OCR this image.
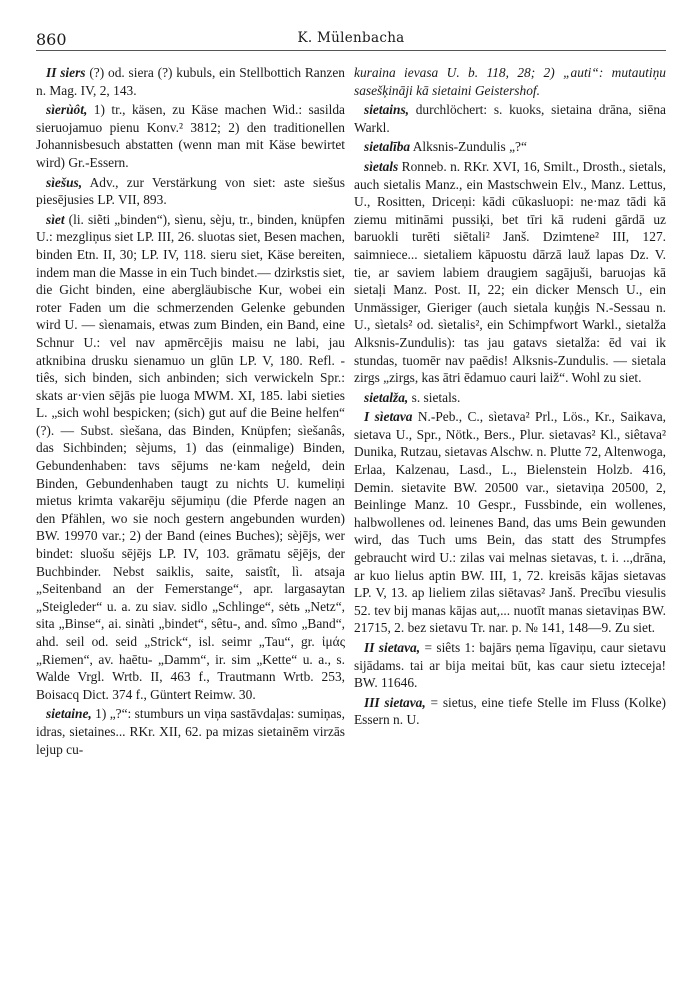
860	K. Mülenbacha

II siers (?) od. siera (?) kubuls, ein Stellbottich Ranzen n. Mag. IV, 2, 143.

sìerùôt, 1) tr., käsen, zu Käse machen Wid.: sasilda sieruojamuo pienu Konv.² 3812; 2) den traditionellen Johannisbesuch abstatten (wenn man mit Käse bewirtet wird) Gr.-Essern.

sìešus, Adv., zur Verstärkung von siet: aste siešus piesējusies LP. VII, 893.

sìet (li. siẽti „binden“), sìenu, sèju, tr., binden, knüpfen U.: mezgliņus siet LP. III, 26. sluotas siet, Besen machen, binden Etn. II, 30; LP. IV, 118. sieru siet, Käse bereiten, indem man die Masse in ein Tuch bindet.— dzirkstis siet, die Gicht binden, eine abergläubische Kur, wobei ein roter Faden um die schmerzenden Gelenke gebunden wird U. — sìenamais, etwas zum Binden, ein Band, eine Schnur U.: vel nav apmērcējis maisu ne labi, jau atknibina drusku sienamuo un glūn LP. V, 180. Refl. -tiês, sich binden, sich anbinden; sich verwickeln Spr.: skats ar·vien sējās pie luoga MWM. XI, 185. labi sieties L. „sich wohl bespicken; (sich) gut auf die Beine helfen“ (?). — Subst. sìešana, das Binden, Knüpfen; sìešanâs, das Sichbinden; sèjums, 1) das (einmalige) Binden, Gebundenhaben: tavs sējums ne·kam neģeld, dein Binden, Gebundenhaben taugt zu nichts U. kumeliņi mietus krimta vakarēju sējumiņu (die Pferde nagen an den Pfählen, wo sie noch gestern angebunden wurden) BW. 19970 var.; 2) der Band (eines Buches); sèjējs, wer bindet: sluošu sējējs LP. IV, 103. grāmatu sējējs, der Buchbinder. Nebst saiklis, saite, saistît, lì. atsaja „Seitenband an der Femerstange“, apr. largasaytan „Steigleder“ u. a. zu siav. sidlo „Schlinge“, sėtь „Netz“, sita „Binse“, ai. sinàti „bindet“, sêtu-, and. sîmo „Band“, ahd. seil od. seid „Strick“, isl. seimr „Tau“, gr. ἱμάς „Riemen“, av. haētu- „Damm“, ir. sim „Kette“ u. a., s. Walde Vrgl. Wrtb. II, 463 f., Trautmann Wrtb. 253, Boisacq Dict. 374 f., Güntert Reimw. 30.

sietaine, 1) „?“: stumburs un viņa sastāvdaļas: sumiņas, idras, sietaines... RKr. XII, 62. pa mizas sietainēm virzās lejup cu-

kuraina ievasa U. b. 118, 28; 2) „auti“: mutautiņu sasešķināji kā sietaini Geistershof.

sietains, durchlöchert: s. kuoks, sietaina drāna, siēna Warkl.

sietalība Alksnis-Zundulis „?“

sìetals Ronneb. n. RKr. XVI, 16, Smilt., Drosth., sietals, auch sietalis Manz., ein Mastschwein Elv., Manz. Lettus, U., Rositten, Driceņi: kādi cūkasluopi: ne·maz tādi kā ziemu mitināmi pussiķi, bet tīri kā rudeni gārdā uz baruokli turēti siētali² Janš. Dzimtene² III, 127. saimniece... sietaliem kāpuostu dārzā lauž lapas Dz. V. tie, ar saviem labiem draugiem sagājuši, baruojas kā sietaļi Manz. Post. II, 22; ein dicker Mensch U., ein Unmässiger, Gieriger (auch sietala kuņģis N.-Sessau n. U., sìetals² od. sìetalis², ein Schimpfwort Warkl., sietalža Alksnis-Zundulis): tas jau gatavs sietalža: ēd vai ik stundas, tuomēr nav paēdis! Alksnis-Zundulis. — sietala zirgs „zirgs, kas ātri ēdamuo cauri laiž“. Wohl zu siet.

sietalža, s. sietals.

I sìetava N.-Peb., C., sìetava² Prl., Lös., Kr., Saikava, sietava U., Spr., Nötk., Bers., Plur. sietavas² Kl., siêtava² Dunika, Rutzau, sietavas Alschw. n. Plutte 72, Altenwoga, Erlaa, Kalzenau, Lasd., L., Bielenstein Holzb. 416, Demin. sietavite BW. 20500 var., sietaviņa 20500, 2, Beinlinge Manz. 10 Gespr., Fussbinde, ein wollenes, halbwollenes od. leinenes Band, das ums Bein gewunden wird, das Tuch ums Bein, das statt des Strumpfes gebraucht wird U.: zilas vai melnas sietavas, t. i. ..,drāna, ar kuo lielus aptin BW. III, 1, 72. kreisās kājas sietavas LP. V, 13. ap lieliem zilas siētavas² Janš. Precību viesulis 52. tev bij manas kājas aut,... nuotīt manas sietaviņas BW. 21715, 2. bez sietavu Tr. nar. p. № 141, 148—9. Zu siet.

II sietava, = siêts 1: bajārs ņema līgaviņu, caur sietavu sijādams. tai ar bija meitai būt, kas caur sietu izteceja! BW. 11646.

III sietava, = sietus, eine tiefe Stelle im Fluss (Kolke) Essern n. U.
